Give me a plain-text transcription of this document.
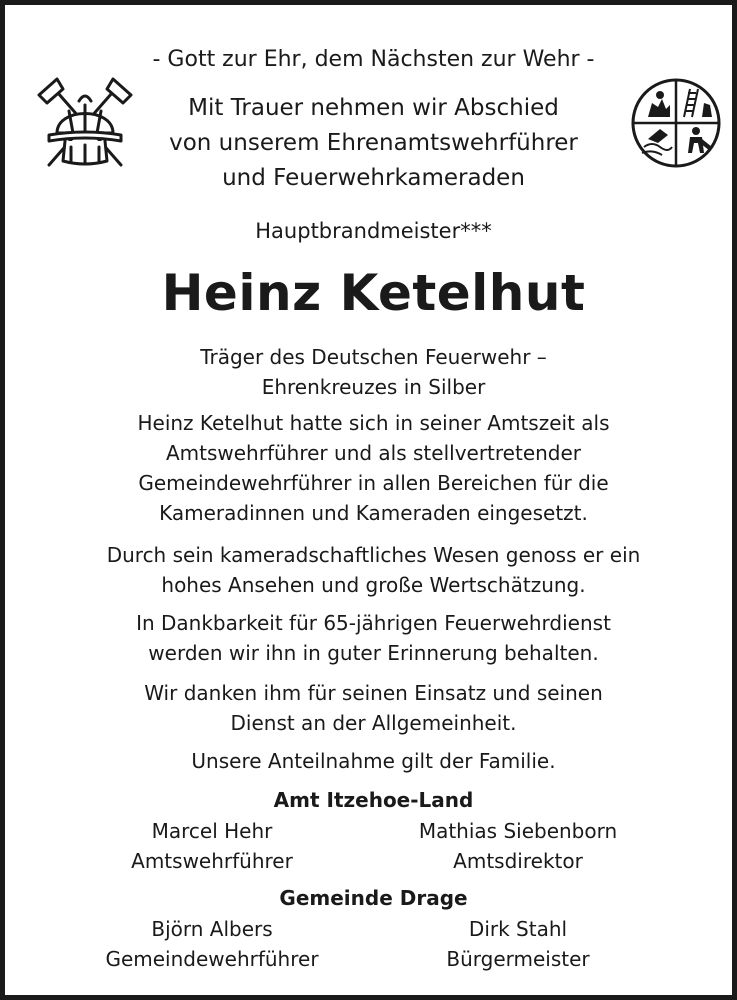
- Gott zur Ehr, dem Nächsten zur Wehr -
Mit Trauer nehmen wir Abschied
von unserem Ehrenamtswehrführer
und Feuerwehrkameraden
Hauptbrandmeister***
Heinz Ketelhut
Träger des Deutschen Feuerwehr –
Ehrenkreuzes in Silber
Heinz Ketelhut hatte sich in seiner Amtszeit als
Amtswehrführer und als stellvertretender
Gemeindewehrführer in allen Bereichen für die
Kameradinnen und Kameraden eingesetzt.
Durch sein kameradschaftliches Wesen genoss er ein
hohes Ansehen und große Wertschätzung.
In Dankbarkeit für 65-jährigen Feuerwehrdienst
werden wir ihn in guter Erinnerung behalten.
Wir danken ihm für seinen Einsatz und seinen
Dienst an der Allgemeinheit.
Unsere Anteilnahme gilt der Familie.
Amt Itzehoe-Land
Marcel Hehr
Amtswehrführer
Mathias Siebenborn
Amtsdirektor
Gemeinde Drage
Björn Albers
Gemeindewehrführer
Dirk Stahl
Bürgermeister
